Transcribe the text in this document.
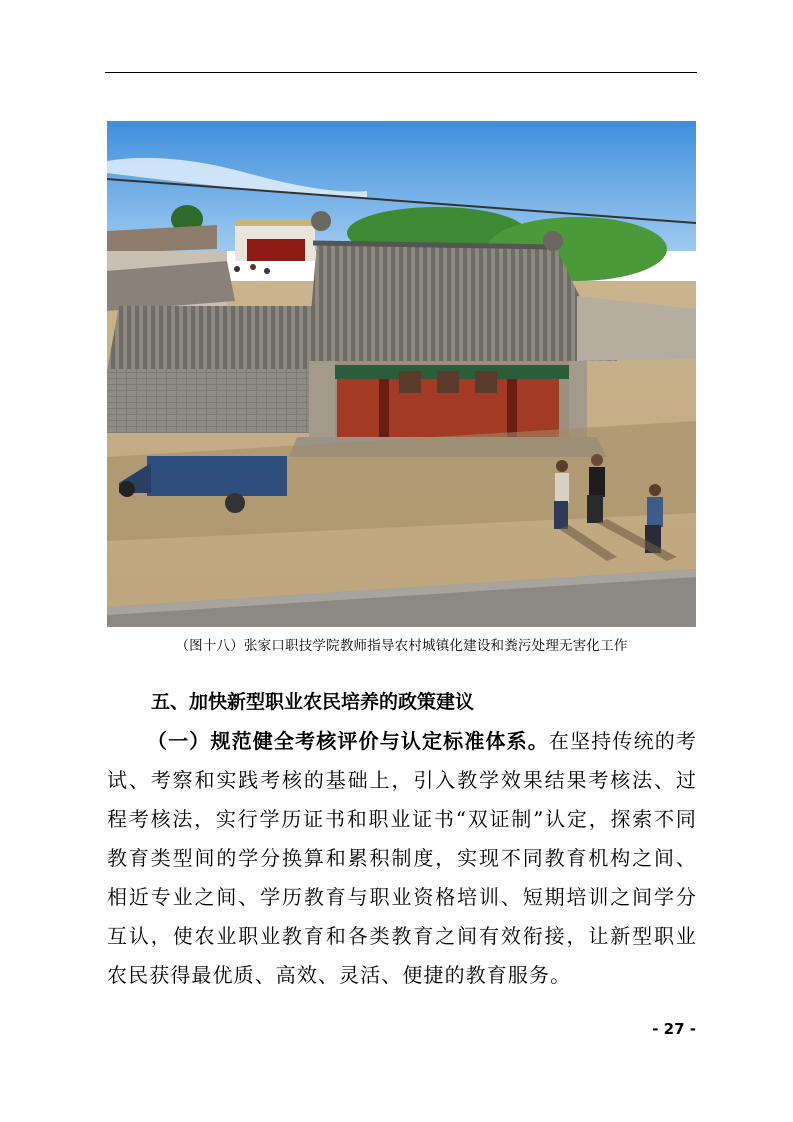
（图十八）张家口职技学院教师指导农村城镇化建设和粪污处理无害化工作
五、加快新型职业农民培养的政策建议

（一）规范健全考核评价与认定标准体系。在坚持传统的考试、考察和实践考核的基础上，引入教学效果结果考核法、过程考核法，实行学历证书和职业证书“双证制”认定，探索不同教育类型间的学分换算和累积制度，实现不同教育机构之间、相近专业之间、学历教育与职业资格培训、短期培训之间学分互认，使农业职业教育和各类教育之间有效衔接，让新型职业农民获得最优质、高效、灵活、便捷的教育服务。

- 27 -
